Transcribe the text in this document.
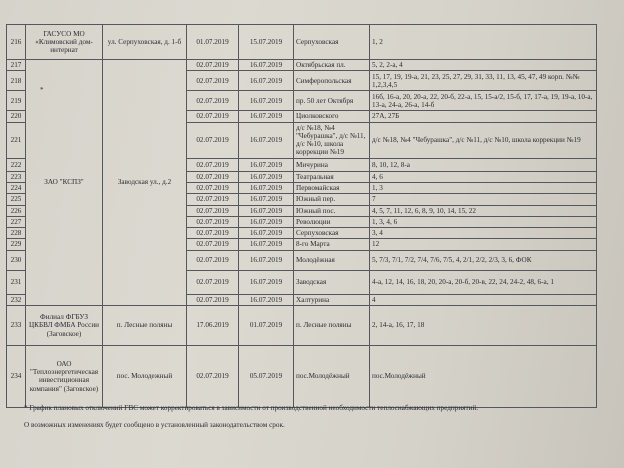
*
216	ГАСУСО МО «Климовский дом-интернат	ул. Серпуховская, д. 1-б	01.07.2019	15.07.2019	Серпуховская	1, 2
217	ЗАО "КСПЗ"	Заводская ул., д.2	02.07.2019	16.07.2019	Октябрьская пл.	5, 2, 2-а, 4
218			02.07.2019	16.07.2019	Симферопольская	15, 17, 19, 19-а, 21, 23, 25, 27, 29, 31, 33, 11, 13, 45, 47, 49 корп. №№ 1,2,3,4,5
219			02.07.2019	16.07.2019	пр. 50 лет Октября	16б, 16-а, 20, 20-а, 22, 20-б, 22-а, 15, 15-а/2, 15-б, 17, 17-а, 19, 19-а, 10-а, 13-а, 24-а, 26-а, 14-б
220			02.07.2019	16.07.2019	Циолковского	27А, 27Б
221			02.07.2019	16.07.2019	д/с №18, №4 "Чебурашка", д/с №11, д/с №10, школа коррекции №19	д/с №18, №4 "Чебурашка", д/с №11, д/с №10, школа коррекции №19
222			02.07.2019	16.07.2019	Мичурина	8, 10, 12, 8-а
223			02.07.2019	16.07.2019	Театральная	4, 6
224			02.07.2019	16.07.2019	Первомайская	1, 3
225			02.07.2019	16.07.2019	Южный пер.	7
226			02.07.2019	16.07.2019	Южный пос.	4, 5, 7, 11, 12, 6, 8, 9, 10, 14, 15, 22
227			02.07.2019	16.07.2019	Революции	1, 3, 4, 6
228			02.07.2019	16.07.2019	Серпуховская	3, 4
229			02.07.2019	16.07.2019	8-го Марта	12
230			02.07.2019	16.07.2019	Молодёжная	5, 7/3, 7/1, 7/2, 7/4, 7/6, 7/5, 4, 2/1, 2/2, 2/3, 3, 6, ФОК
231			02.07.2019	16.07.2019	Заводская	4-а, 12, 14, 16, 18, 20, 20-а, 20-б, 20-в, 22, 24, 24-2, 48, 6-а, 1
232			02.07.2019	16.07.2019	Халтурина	4
233	Филиал ФГБУЗ ЦКБВЛ ФМБА России (Заговское)	п. Лесные поляны	17.06.2019	01.07.2019	п. Лесные поляны	2, 14-а, 16, 17, 18
234	ОАО "Теплоэнергетическая инвестиционная компания" (Заговское)	пос. Молодежный	02.07.2019	05.07.2019	пос.Молодёжный	пос.Молодёжный
* График плановых отключений ГВС может корректироваться в зависимости от производственной необходимости теплоснабжающих предприятий.
О возможных изменениях будет сообщено в установленный законодательством срок.
